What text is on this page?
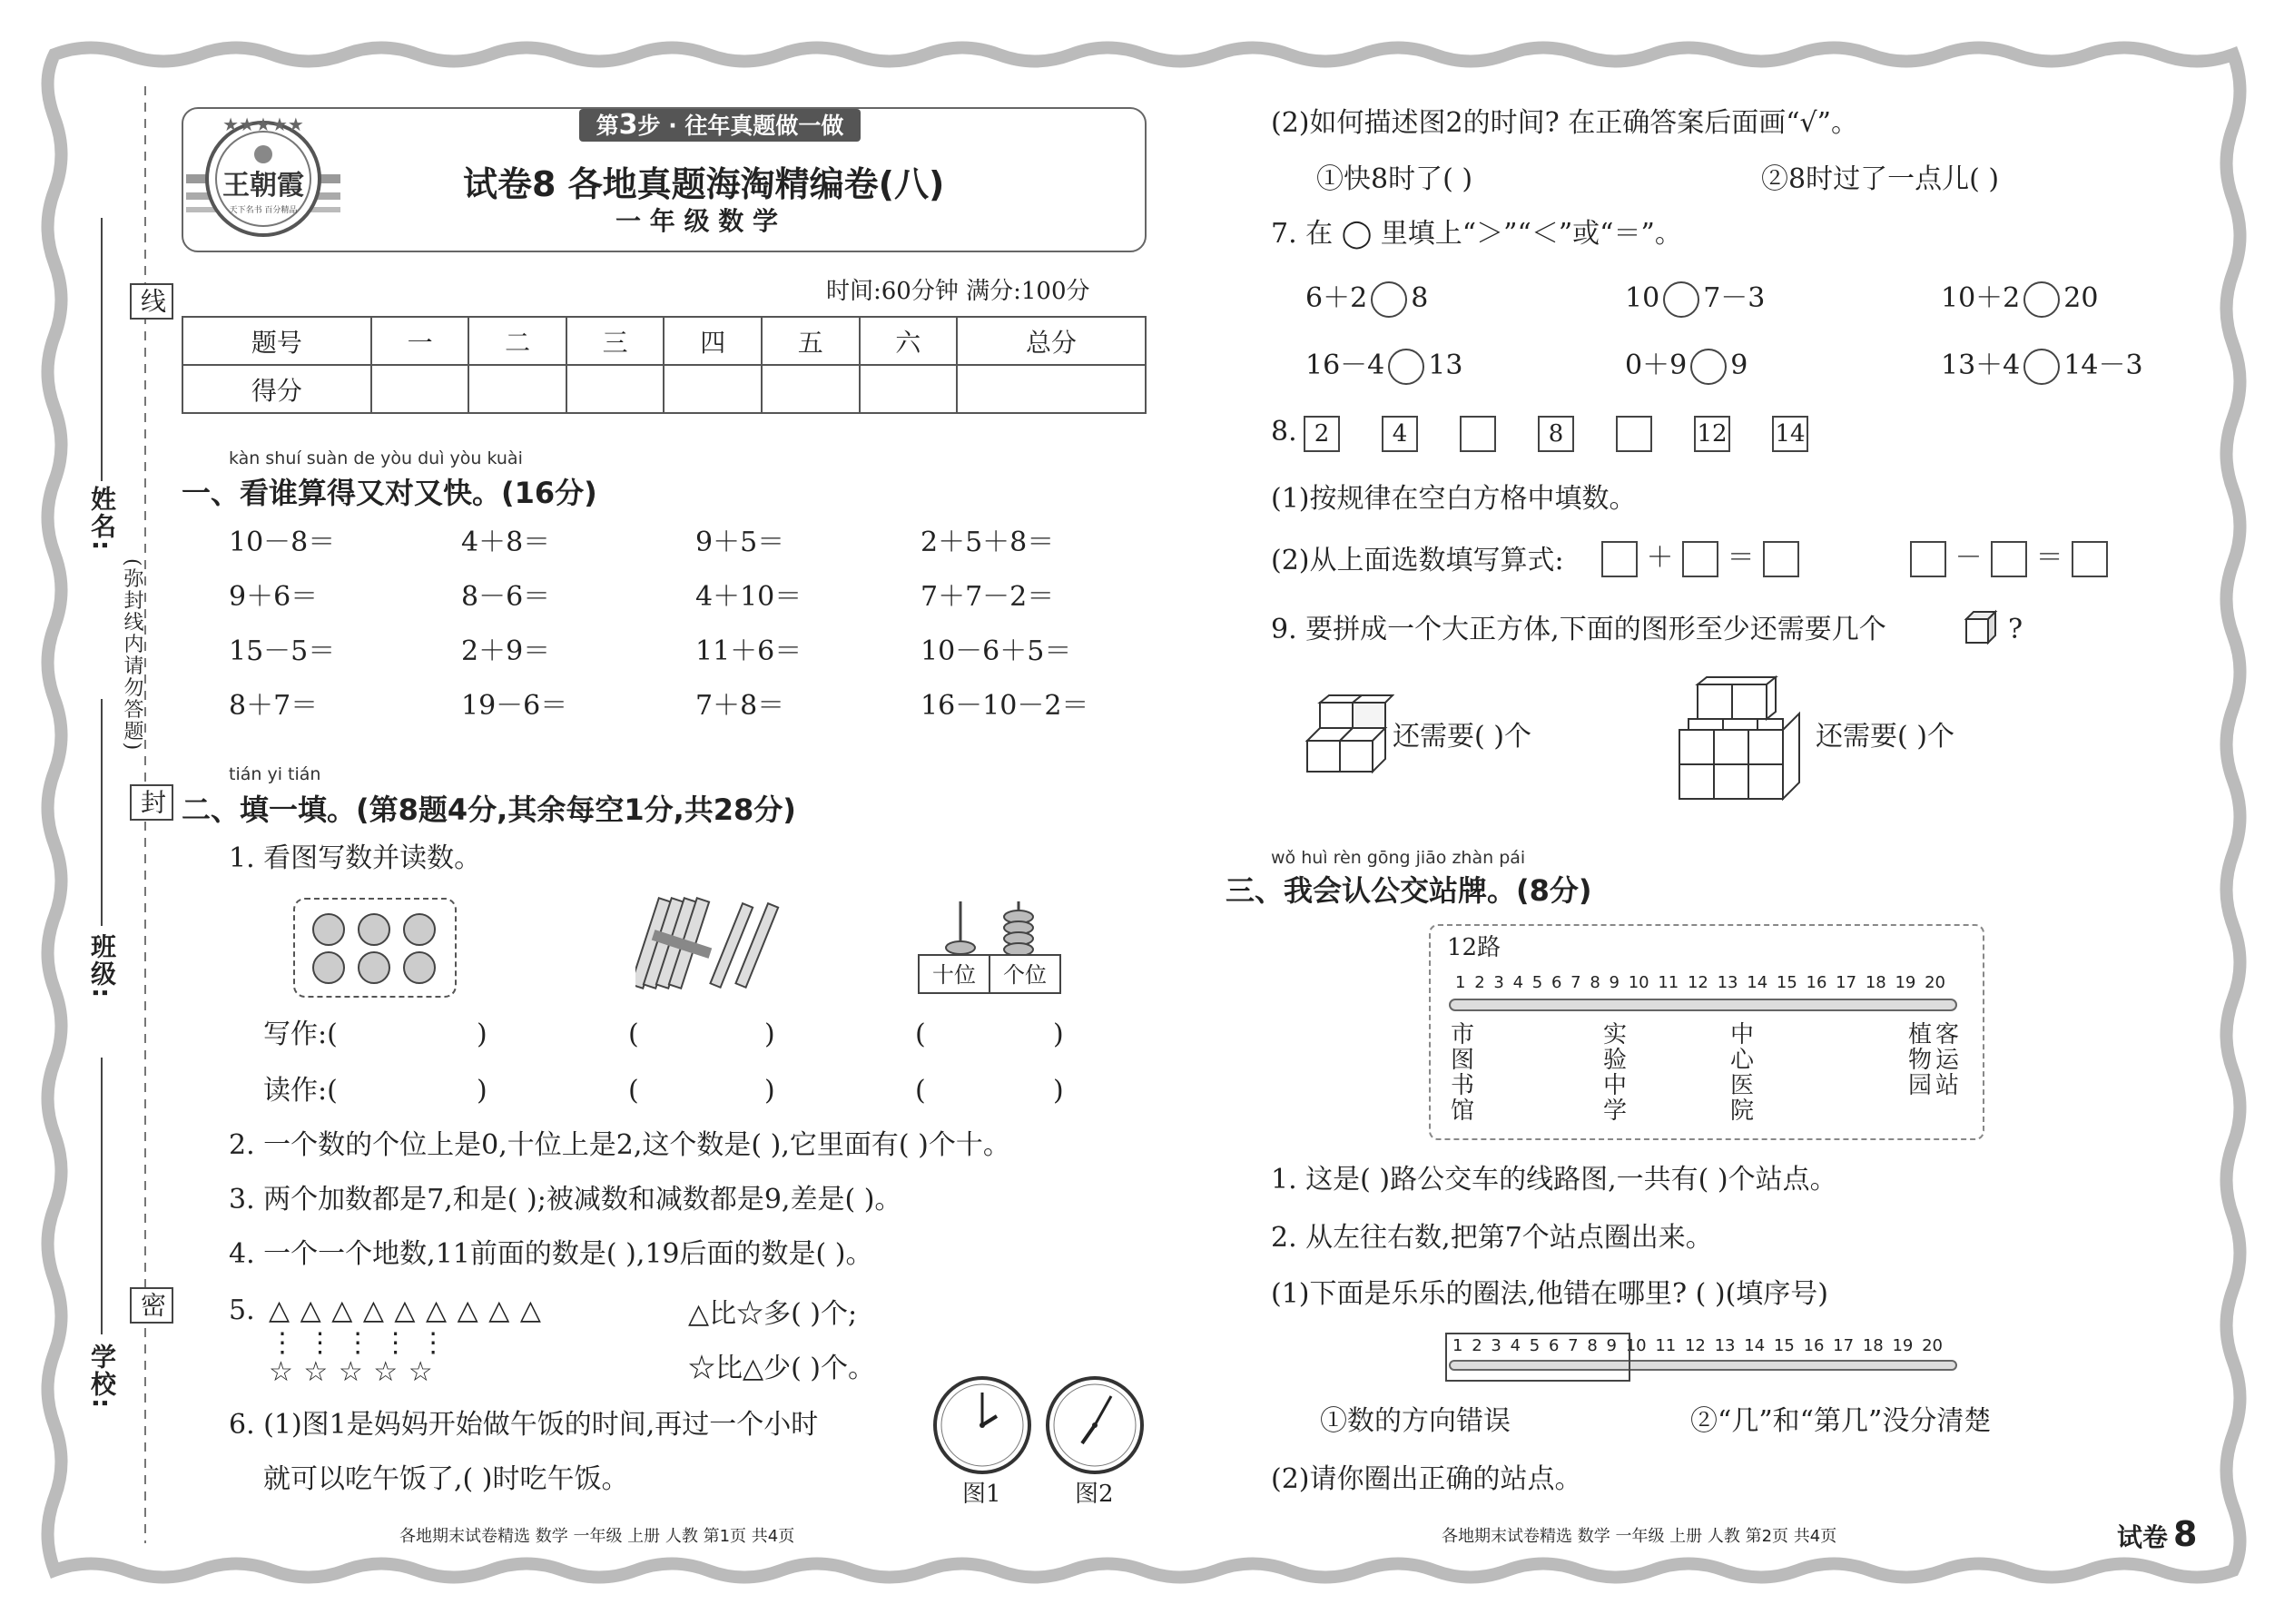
线
封
密
(弥封线内请勿答题)
姓名:
班级:
学校:
第3步 · 往年真题做一做
★★★★★
王朝霞
天下名书 百分精品
试卷8 各地真题海淘精编卷(八)
一 年 级 数 学
时间:60分钟 满分:100分
题号	一	二	三	四	五	六	总分
得分							
kàn shuí suàn de yòu duì yòu kuài
一、看谁算得又对又快。(16分)
10－8＝	4＋8＝	9＋5＝	2＋5＋8＝
9＋6＝	8－6＝	4＋10＝	7＋7－2＝
15－5＝	2＋9＝	11＋6＝	10－6＋5＝
8＋7＝	19－6＝	7＋8＝	16－10－2＝
tián yi tián
二、填一填。(第8题4分,其余每空1分,共28分)
1. 看图写数并读数。
十位 个位
写作:(	)	(	)	(	)
读作:(	)	(	)	(	)
2. 一个数的个位上是0,十位上是2,这个数是( ),它里面有( )个十。
3. 两个加数都是7,和是( );被减数和减数都是9,差是( )。
4. 一个一个地数,11前面的数是( ),19后面的数是( )。
5. △ △ △ △ △ △ △ △ △
⋮ ⋮ ⋮ ⋮ ⋮
☆ ☆ ☆ ☆ ☆
△比☆多( )个;
☆比△少( )个。
6. (1)图1是妈妈开始做午饭的时间,再过一个小时
就可以吃午饭了,( )时吃午饭。	图1	图2
各地期末试卷精选 数学 一年级 上册 人教 第1页 共4页
(2)如何描述图2的时间? 在正确答案后面画“√”。
①快8时了( )	②8时过了一点儿( )
7. 在 ◯ 里填上“＞”“＜”或“＝”。
6＋2 8	10 7－3	10＋2 20
16－4 13	0＋9 9	13＋4 14－3
8. 2	4	8	12 14
(1)按规律在空白方格中填数。
(2)从上面选数填写算式:	＋ ＝	－ ＝
9. 要拼成一个大正方体,下面的图形至少还需要几个	?
还需要( )个	还需要( )个
wǒ huì rèn gōng jiāo zhàn pái
三、我会认公交站牌。(8分)
12路
1 2 3 4 5 6 7 8 9 10 11 12 13 14 15 16 17 18 19 20
市图书馆
实验中学
中心医院
植物园
客运站
1. 这是( )路公交车的线路图,一共有( )个站点。
2. 从左往右数,把第7个站点圈出来。
(1)下面是乐乐的圈法,他错在哪里? ( )(填序号)
1 2 3 4 5 6 7 8 9 10 11 12 13 14 15 16 17 18 19 20
①数的方向错误	②“几”和“第几”没分清楚
(2)请你圈出正确的站点。
各地期末试卷精选 数学 一年级 上册 人教 第2页 共4页	试卷 8
